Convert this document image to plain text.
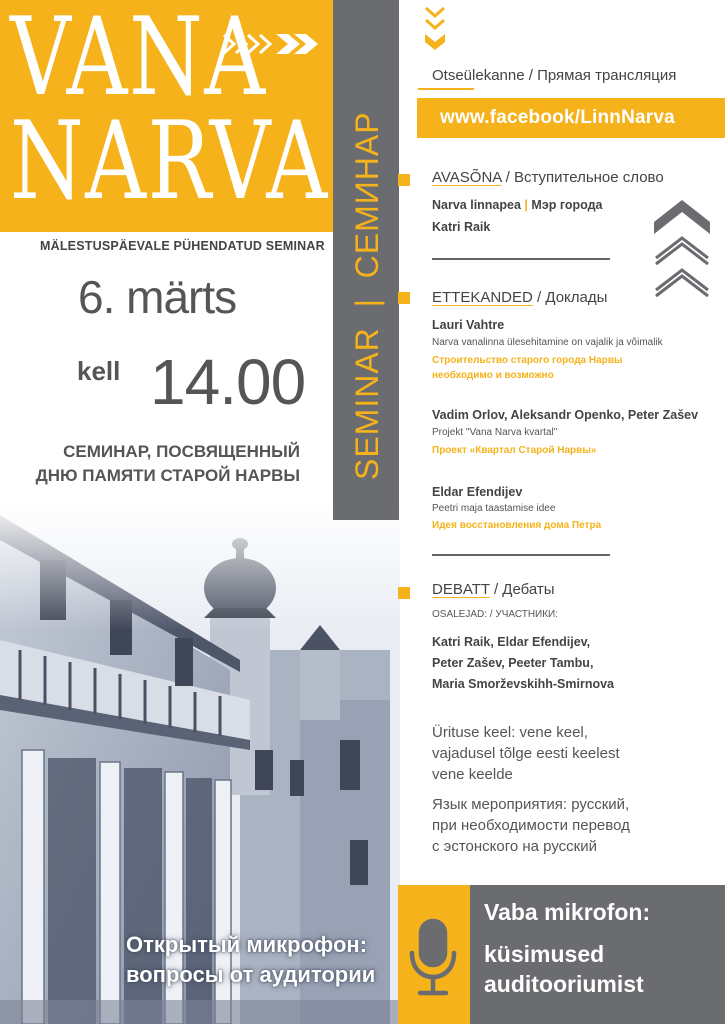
VANA
NARVA
MÄLESTUSPÄEVALE PÜHENDATUD SEMINAR
6. märts
kell 14.00
СЕМИНАР, ПОСВЯЩЕННЫЙ
ДНЮ ПАМЯТИ СТАРОЙ НАРВЫ
Открытый микрофон:
вопросы от аудитории
SEMINAR  |  СЕМИНАР
Otseülekanne / Прямая трансляция
www.facebook/LinnNarva
AVASÕNA / Вступительное слово
Narva linnapea | Мэр города
Katri Raik
ETTEKANDED / Доклады
Lauri Vahtre
Narva vanalinna ülesehitamine on vajalik ja võimalik
Строительство старого города Нарвы
необходимо и возможно
Vadim Orlov, Aleksandr Openko, Peter Zašev
Projekt "Vana Narva kvartal"
Проект «Квартал Старой Нарвы»
Eldar Efendijev
Peetri maja taastamise idee
Идея восстановления дома Петра
DEBATT / Дебаты
OSALEJAD: / УЧАСТНИКИ:
Katri Raik, Eldar Efendijev,
Peter Zašev, Peeter Tambu,
Maria Smorževskihh-Smirnova
Ürituse keel: vene keel,
vajadusel tõlge eesti keelest
vene keelde
Язык мероприятия: русский,
при необходимости перевод
с эстонского на русский
Vaba mikrofon:
küsimused
auditooriumist
